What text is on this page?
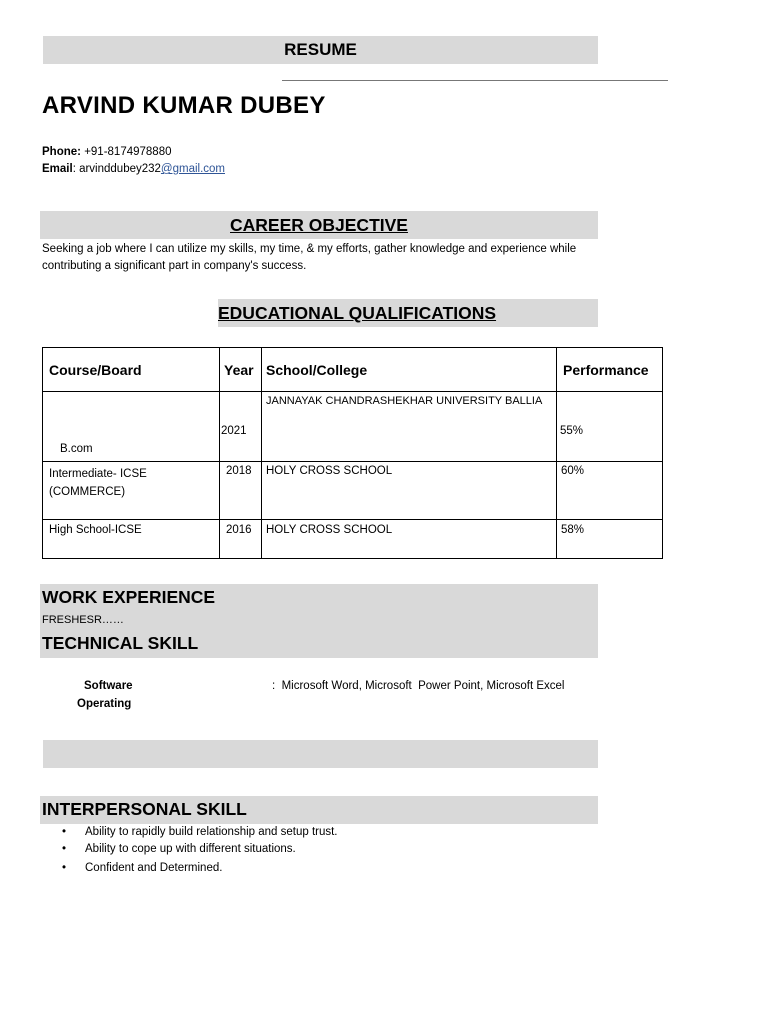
RESUME
ARVIND KUMAR DUBEY
Phone: +91-8174978880
Email: arvinddubey232@gmail.com
CAREER OBJECTIVE
Seeking a job where I can utilize my skills, my time, & my efforts, gather knowledge and experience while
contributing a significant part in company's success.
EDUCATIONAL QUALIFICATIONS
Course/Board	Year	School/College	Performance

B.com	2021	JANNAYAK CHANDRASHEKHAR UNIVERSITY BALLIA	55%

Intermediate- ICSE
(COMMERCE)	2018	HOLY CROSS SCHOOL	60%

High School-ICSE	2016	HOLY CROSS SCHOOL	58%
WORK EXPERIENCE
FRESHESR……
TECHNICAL SKILL
Software
Operating
:  Microsoft Word, Microsoft  Power Point, Microsoft Excel
INTERPERSONAL SKILL
• Ability to rapidly build relationship and setup trust.
• Ability to cope up with different situations.
• Confident and Determined.
